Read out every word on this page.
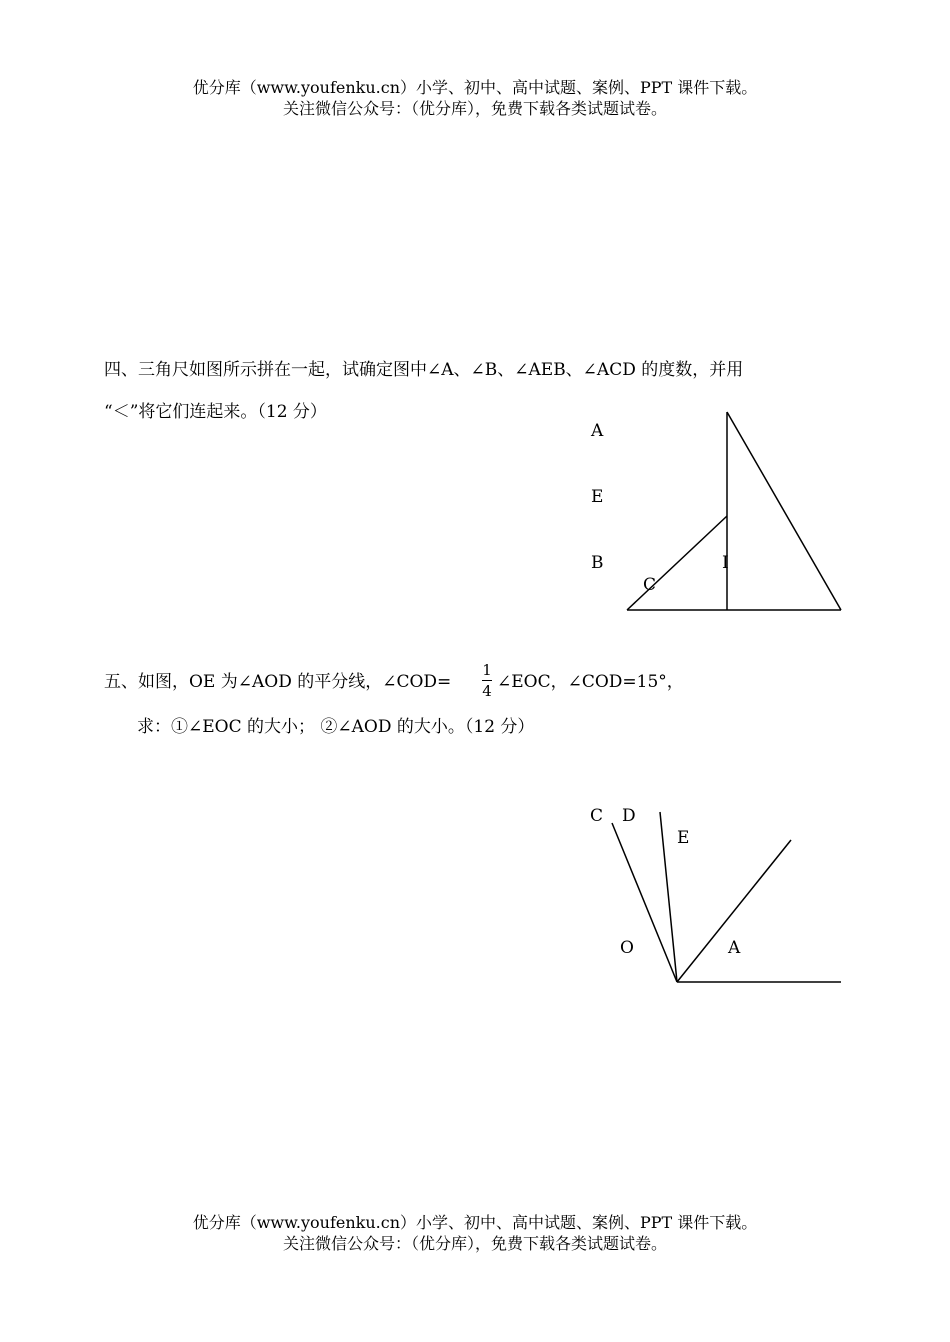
优分库（www.youfenku.cn）小学、初中、高中试题、案例、PPT 课件下载。
关注微信公众号：（优分库），免费下载各类试题试卷。
四、三角尺如图所示拼在一起，试确定图中∠A、∠B、∠AEB、∠ACD 的度数，并用
“＜”将它们连起来。（12 分）
A
E
B
C
I
五、如图，OE 为∠AOD 的平分线，∠COD=
1
4 ∠EOC，∠COD=15°，
求：①∠EOC 的大小； ②∠AOD 的大小。（12 分）
C D
E
O	A
优分库（www.youfenku.cn）小学、初中、高中试题、案例、PPT 课件下载。
关注微信公众号：（优分库），免费下载各类试题试卷。
